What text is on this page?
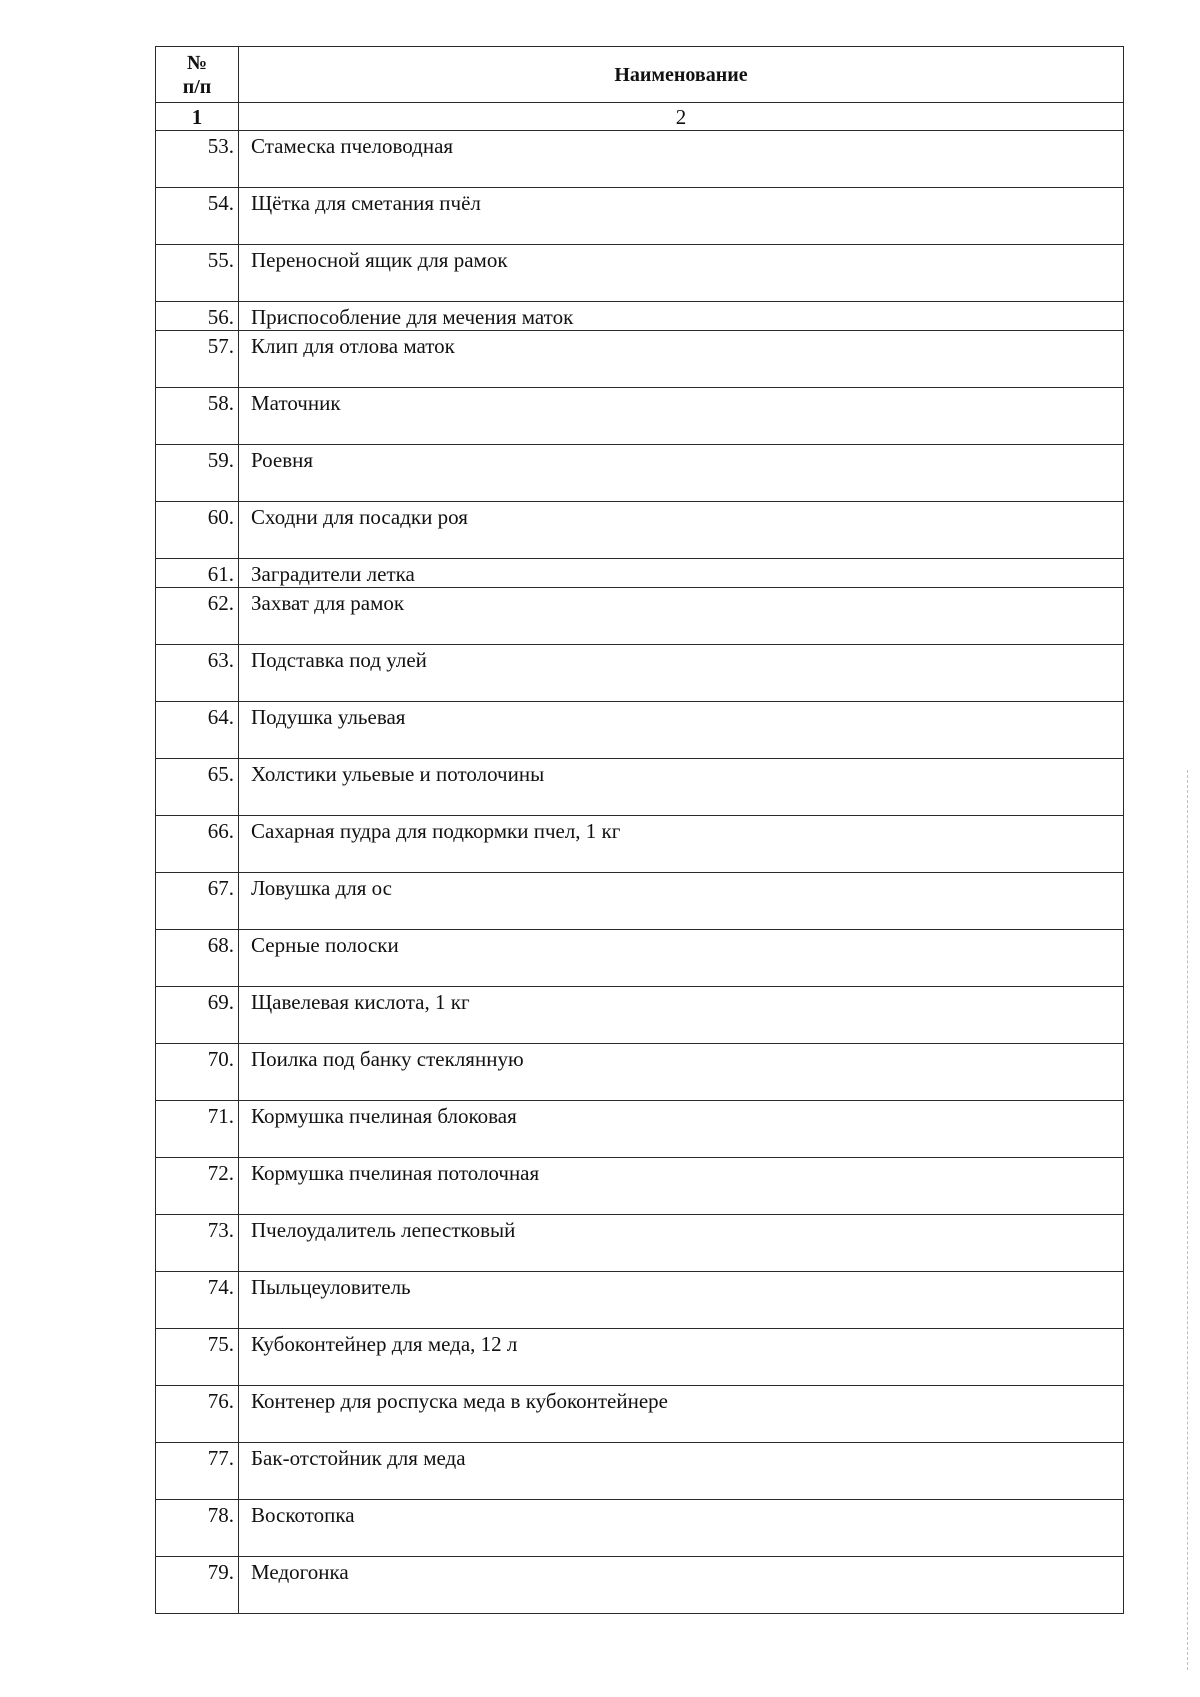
№
п/п	Наименование
1	2
53.	Стамеска пчеловодная
54.	Щётка для сметания пчёл
55.	Переносной ящик для рамок
56.	Приспособление для мечения маток
57.	Клип для отлова маток
58.	Маточник
59.	Роевня
60.	Сходни для посадки роя
61.	Заградители летка
62.	Захват для рамок
63.	Подставка под улей
64.	Подушка ульевая
65.	Холстики ульевые и потолочины
66.	Сахарная пудра для подкормки пчел, 1 кг
67.	Ловушка для ос
68.	Серные полоски
69.	Щавелевая кислота, 1 кг
70.	Поилка под банку стеклянную
71.	Кормушка пчелиная блоковая
72.	Кормушка пчелиная потолочная
73.	Пчелоудалитель лепестковый
74.	Пыльцеуловитель
75.	Кубоконтейнер для меда, 12 л
76.	Контенер для роспуска меда в кубоконтейнере
77.	Бак-отстойник для меда
78.	Воскотопка
79.	Медогонка
